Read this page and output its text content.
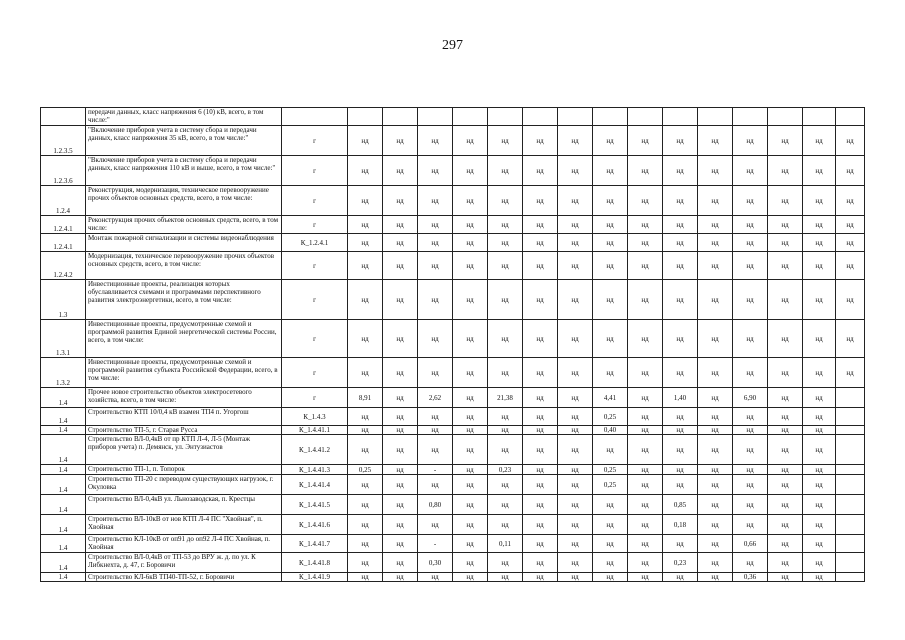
297
	передачи данных, класс напряжения 6 (10) кВ, всего, в том числе:"																
1.2.3.5	"Включение приборов учета в систему сбора и передачи данных, класс напряжения 35 кВ, всего, в том числе:"	г	нд	нд	нд	нд	нд	нд	нд	нд	нд	нд	нд	нд	нд	нд	нд
1.2.3.6	"Включение приборов учета в систему сбора и передачи данных, класс напряжения 110 кВ и выше, всего, в том числе:"	г	нд	нд	нд	нд	нд	нд	нд	нд	нд	нд	нд	нд	нд	нд	нд
1.2.4	Реконструкция, модернизация, техническое перевооружение прочих объектов основных средств, всего, в том числе:	г	нд	нд	нд	нд	нд	нд	нд	нд	нд	нд	нд	нд	нд	нд	нд
1.2.4.1	Реконструкция прочих объектов основных средств, всего, в том числе:	г	нд	нд	нд	нд	нд	нд	нд	нд	нд	нд	нд	нд	нд	нд	нд
1.2.4.1	Монтаж пожарной сигнализации и системы видеонаблюдения	К_1.2.4.1	нд	нд	нд	нд	нд	нд	нд	нд	нд	нд	нд	нд	нд	нд	нд
1.2.4.2	Модернизация, техническое перевооружение прочих объектов основных средств, всего, в том числе:	г	нд	нд	нд	нд	нд	нд	нд	нд	нд	нд	нд	нд	нд	нд	нд
1.3	Инвестиционные проекты, реализация которых обуславливается схемами и программами перспективного развития электроэнергетики, всего, в том числе:	г	нд	нд	нд	нд	нд	нд	нд	нд	нд	нд	нд	нд	нд	нд	нд
1.3.1	Инвестиционные проекты, предусмотренные схемой и программой развития Единой энергетической системы России, всего, в том числе:	г	нд	нд	нд	нд	нд	нд	нд	нд	нд	нд	нд	нд	нд	нд	нд
1.3.2	Инвестиционные проекты, предусмотренные схемой и программой развития субъекта Российской Федерации, всего, в том числе:	г	нд	нд	нд	нд	нд	нд	нд	нд	нд	нд	нд	нд	нд	нд	нд
1.4	Прочее новое строительство объектов электросетевого хозяйства, всего, в том числе:	г	8,91	нд	2,62	нд	21,38	нд	нд	4,41	нд	1,40	нд	6,90	нд	нд	
1.4	Строительство КТП 10/0,4 кВ взамен ТП4 п. Угоргош	К_1.4.3	нд	нд	нд	нд	нд	нд	нд	0,25	нд	нд	нд	нд	нд	нд	
1.4	Строительство ТП-5, г. Старая Русса	К_1.4.41.1	нд	нд	нд	нд	нд	нд	нд	0,40	нд	нд	нд	нд	нд	нд	
1.4	Строительство ВЛ-0,4кВ от пр КТП Л-4, Л-5 (Монтаж приборов учета) п. Демянск, ул. Энтузиастов	К_1.4.41.2	нд	нд	нд	нд	нд	нд	нд	нд	нд	нд	нд	нд	нд	нд	
1.4	Строительство ТП-1, п. Топорок	К_1.4.41.3	0,25	нд	-	нд	0,23	нд	нд	0,25	нд	нд	нд	нд	нд	нд	
1.4	Строительство ТП-20 с переводом существующих нагрузок, г. Окуловка	К_1.4.41.4	нд	нд	нд	нд	нд	нд	нд	0,25	нд	нд	нд	нд	нд	нд	
1.4	Строительство ВЛ-0,4кВ ул. Льнозаводская, п. Крестцы	К_1.4.41.5	нд	нд	0,80	нд	нд	нд	нд	нд	нд	0,85	нд	нд	нд	нд	
1.4	Строительство ВЛ-10кВ от нов КТП Л-4 ПС "Хвойная", п. Хвойная	К_1.4.41.6	нд	нд	нд	нд	нд	нд	нд	нд	нд	0,18	нд	нд	нд	нд	
1.4	Строительство КЛ-10кВ от оп91 до оп92 Л-4 ПС Хвойная, п. Хвойная	К_1.4.41.7	нд	нд	-	нд	0,11	нд	нд	нд	нд	нд	нд	0,66	нд	нд	
1.4	Строительство ВЛ-0,4кВ от ТП-53 до ВРУ ж. д. по ул. К Либкнехта, д. 47, г. Боровичи	К_1.4.41.8	нд	нд	0,30	нд	нд	нд	нд	нд	нд	0,23	нд	нд	нд	нд	
1.4	Строительство КЛ-6кВ ТП40-ТП-52, г. Боровичи	К_1.4.41.9	нд	нд	нд	нд	нд	нд	нд	нд	нд	нд	нд	0,36	нд	нд	
